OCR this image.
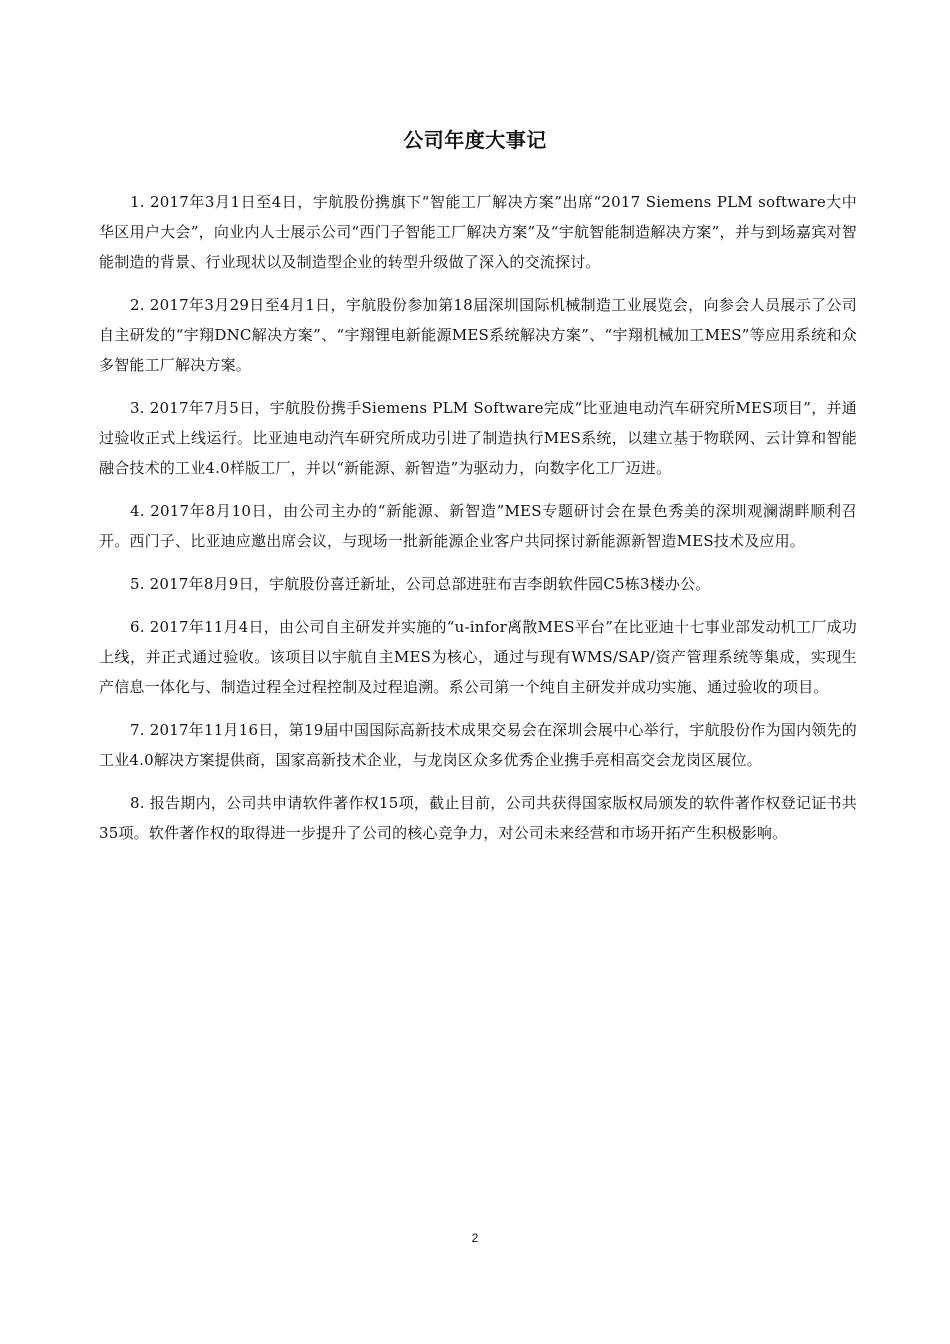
公司年度大事记

1. 2017年3月1日至4日，宇航股份携旗下“智能工厂解决方案”出席“2017 Siemens PLM software大中华区用户大会”，向业内人士展示公司“西门子智能工厂解决方案”及“宇航智能制造解决方案”，并与到场嘉宾对智能制造的背景、行业现状以及制造型企业的转型升级做了深入的交流探讨。

2. 2017年3月29日至4月1日，宇航股份参加第18届深圳国际机械制造工业展览会，向参会人员展示了公司自主研发的“宇翔DNC解决方案”、“宇翔锂电新能源MES系统解决方案”、“宇翔机械加工MES”等应用系统和众多智能工厂解决方案。

3. 2017年7月5日，宇航股份携手Siemens PLM Software完成“比亚迪电动汽车研究所MES项目”，并通过验收正式上线运行。比亚迪电动汽车研究所成功引进了制造执行MES系统，以建立基于物联网、云计算和智能融合技术的工业4.0样版工厂，并以“新能源、新智造”为驱动力，向数字化工厂迈进。

4. 2017年8月10日，由公司主办的“新能源、新智造”MES专题研讨会在景色秀美的深圳观澜湖畔顺利召开。西门子、比亚迪应邀出席会议，与现场一批新能源企业客户共同探讨新能源新智造MES技术及应用。

5. 2017年8月9日，宇航股份喜迁新址，公司总部进驻布吉李朗软件园C5栋3楼办公。

6. 2017年11月4日，由公司自主研发并实施的“u-infor离散MES平台”在比亚迪十七事业部发动机工厂成功上线，并正式通过验收。该项目以宇航自主MES为核心，通过与现有WMS/SAP/资产管理系统等集成，实现生产信息一体化与、制造过程全过程控制及过程追溯。系公司第一个纯自主研发并成功实施、通过验收的项目。

7. 2017年11月16日，第19届中国国际高新技术成果交易会在深圳会展中心举行，宇航股份作为国内领先的工业4.0解决方案提供商，国家高新技术企业，与龙岗区众多优秀企业携手亮相高交会龙岗区展位。

8. 报告期内，公司共申请软件著作权15项，截止目前，公司共获得国家版权局颁发的软件著作权登记证书共35项。软件著作权的取得进一步提升了公司的核心竞争力，对公司未来经营和市场开拓产生积极影响。

2
